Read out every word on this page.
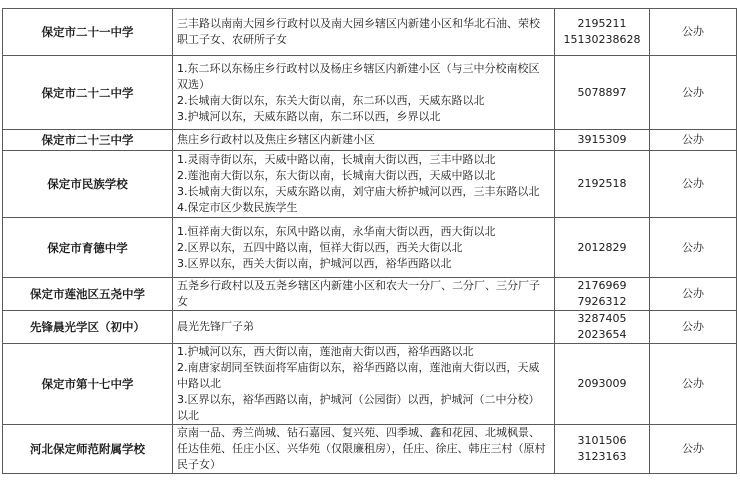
保定市二十一中学	三丰路以南南大园乡行政村以及南大园乡辖区内新建小区和华北石油、荣校职工子女、农研所子女	2195211
15130238628	公办
保定市二十二中学	1.东二环以东杨庄乡行政村以及杨庄乡辖区内新建小区（与三中分校南校区双选）
2.长城南大街以东，东关大街以南，东二环以西，天威东路以北
3.护城河以东，天威东路以南，东二环以西，乡界以北	5078897	公办
保定市二十三中学	焦庄乡行政村以及焦庄乡辖区内新建小区	3915309	公办
保定市民族学校	1.灵雨寺街以东，天威中路以南，长城南大街以西，三丰中路以北
2.莲池南大街以东，东大街以南，长城南大街以西，天威中路以北
3.长城南大街以东，天威东路以南，刘守庙大桥护城河以西，三丰东路以北
4.保定市区少数民族学生	2192518	公办
保定市育德中学	1.恒祥南大街以东，东风中路以南，永华南大街以西，西大街以北
2.区界以东，五四中路以南，恒祥大街以西，西关大街以北
3.区界以东，西关大街以南，护城河以西，裕华西路以北	2012829	公办
保定市莲池区五尧中学	五尧乡行政村以及五尧乡辖区内新建小区和农大一分厂、二分厂、三分厂子女	2176969
7926312	公办
先锋晨光学区（初中）	晨光先锋厂子弟	3287405
2023654	公办
保定市第十七中学	1.护城河以东，西大街以南，莲池南大街以西，裕华西路以北
2.南唐家胡同至铁面将军庙街以东，裕华西路以南，莲池南大街以西，天威中路以北
3.区界以东，裕华西路以南，护城河（公园街）以西，护城河（二中分校）以北	2093009	公办
河北保定师范附属学校	京南一品、秀兰尚城、钻石嘉园、复兴苑、四季城、鑫和花园、北城枫景、任达佳苑、任庄小区、兴华苑（仅限廉租房），任庄、徐庄、韩庄三村（原村民子女）	3101506
3123163	公办
